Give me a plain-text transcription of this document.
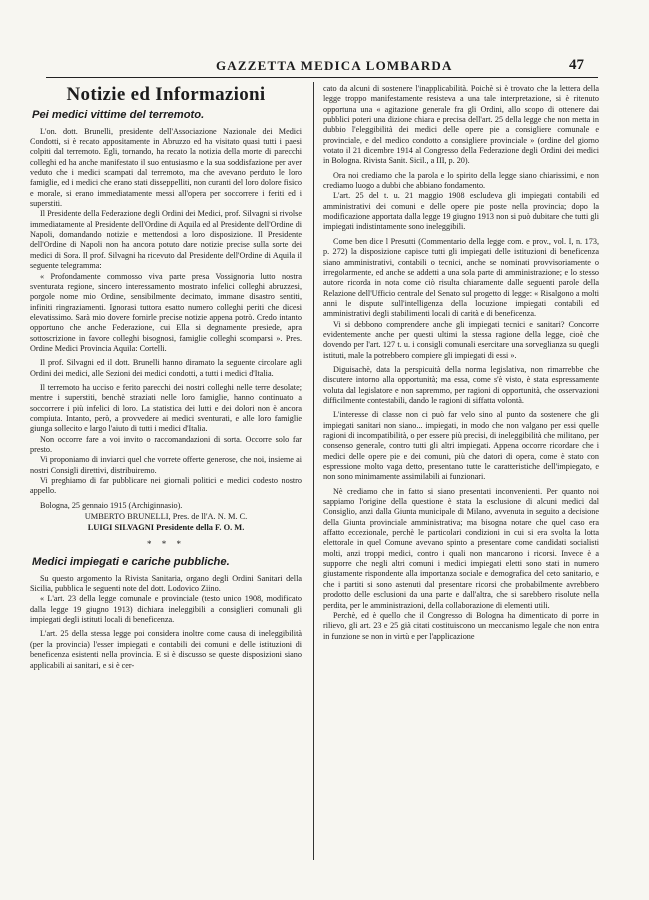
GAZZETTA MEDICA LOMBARDA	47
Notizie ed Informazioni
Pei medici vittime del terremoto.

L'on. dott. Brunelli, presidente dell'Associazione Nazionale dei Medici Condotti, si è recato appositamente in Abruzzo ed ha visitato quasi tutti i paesi colpiti dal terremoto. Egli, tornando, ha recato la notizia della morte di parecchi colleghi ed ha anche manifestato il suo entusiasmo e la sua soddisfazione per aver veduto che i medici scampati dal terremoto, ma che avevano perduto le loro famiglie, ed i medici che erano stati disseppelliti, non curanti del loro dolore fisico e morale, si erano immediatamente messi all'opera per soccorrere i feriti ed i superstiti.

Il Presidente della Federazione degli Ordini dei Medici, prof. Silvagni si rivolse immediatamente al Presidente dell'Ordine di Aquila ed al Presidente dell'Ordine di Napoli, domandando notizie e mettendosi a loro disposizione. Il Presidente dell'Ordine di Napoli non ha ancora potuto dare notizie precise sulla sorte dei medici di Sora. Il prof. Silvagni ha ricevuto dal Presidente dell'Ordine di Aquila il seguente telegramma:

« Profondamente commosso viva parte presa Vossignoria lutto nostra sventurata regione, sincero interessamento mostrato infelici colleghi abruzzesi, porgole nome mio Ordine, sensibilmente decimato, immane disastro sentiti, infiniti ringraziamenti. Ignorasi tuttora esatto numero colleghi periti che dicesi elevatissimo. Sarà mio dovere fornirle precise notizie appena potrò. Credo intanto opportuno che anche Federazione, cui Ella si degnamente presiede, apra sottoscrizione in favore colleghi bisognosi, famiglie colleghi scomparsi ». Pres. Ordine Medici Provincia Aquila: Cortelli.

Il prof. Silvagni ed il dott. Brunelli hanno diramato la seguente circolare agli Ordini dei medici, alle Sezioni dei medici condotti, a tutti i medici d'Italia.

Il terremoto ha ucciso e ferito parecchi dei nostri colleghi nelle terre desolate; mentre i superstiti, benchè straziati nelle loro famiglie, hanno continuato a soccorrere i più infelici di loro. La statistica dei lutti e dei dolori non è ancora compiuta. Intanto, però, a provvedere ai medici sventurati, e alle loro famiglie giunga sollecito e largo l'aiuto di tutti i medici d'Italia.

Non occorre fare a voi invito o raccomandazioni di sorta. Occorre solo far presto.

Vi proponiamo di inviarci quel che vorrete offerte generose, che noi, insieme ai nostri Consigli direttivi, distribuiremo.

Vi preghiamo di far pubblicare nei giornali politici e medici codesto nostro appello.

Bologna, 25 gennaio 1915 (Archiginnasio).

UMBERTO BRUNELLI, Pres. de ll'A. N. M. C.
LUIGI SILVAGNI Presidente della F. O. M.
* * *
Medici impiegati e cariche pubbliche.

Su questo argomento la Rivista Sanitaria, organo degli Ordini Sanitari della Sicilia, pubblica le seguenti note del dott. Lodovico Ziino.

« L'art. 23 della legge comunale e provinciale (testo unico 1908, modificato dalla legge 19 giugno 1913) dichiara ineleggibili a consiglieri comunali gli impiegati degli istituti locali di beneficenza.

L'art. 25 della stessa legge poi considera inoltre come causa di ineleggibilità (per la provincia) l'esser impiegati e contabili dei comuni e delle istituzioni di beneficenza esistenti nella provincia. E si è discusso se queste disposizioni siano applicabili ai sanitari, e si è cer-

cato da alcuni di sostenere l'inapplicabilità. Poichè si è trovato che la lettera della legge troppo manifestamente resisteva a una tale interpretazione, si è ritenuto opportuna una « agitazione generale fra gli Ordini, allo scopo di ottenere dai pubblici poteri una dizione chiara e precisa dell'art. 25 della legge che non metta in dubbio l'eleggibilità dei medici delle opere pie a consigliere comunale e provinciale, e del medico condotto a consigliere provinciale » (ordine del giorno votato il 21 dicembre 1914 al Congresso della Federazione degli Ordini dei medici in Bologna. Rivista Sanit. Sicil., a III, p. 20).

Ora noi crediamo che la parola e lo spirito della legge siano chiarissimi, e non crediamo luogo a dubbi che abbiano fondamento.

L'art. 25 del t. u. 21 maggio 1908 escludeva gli impiegati contabili ed amministrativi dei comuni e delle opere pie poste nella provincia; dopo la modificazione apportata dalla legge 19 giugno 1913 non si può dubitare che tutti gli impiegati indistintamente sono ineleggibili.

Come ben dice l Presutti (Commentario della legge com. e prov., vol. I, n. 173, p. 272) la disposizione capisce tutti gli impiegati delle istituzioni di beneficenza siano amministrativi, contabili o tecnici, anche se nominati provvisoriamente o irregolarmente, ed anche se addetti a una sola parte di amministrazione; e lo stesso autore ricorda in nota come ciò risulta chiaramente dalle seguenti parole della Relazione dell'Ufficio centrale del Senato sul progetto di legge: « Risalgono a molti anni le dispute sull'intelligenza della locuzione impiegati contabili ed amministrativi degli stabilimenti locali di carità e di beneficenza.

Vi si debbono comprendere anche gli impiegati tecnici e sanitari? Concorre evidentemente anche per questi ultimi la stessa ragione della legge, cioè che dovendo per l'art. 127 t. u. i consigli comunali esercitare una sorveglianza su quegli istituti, male la potrebbero compiere gli impiegati di essi ».

Diguisachè, data la perspicuità della norma legislativa, non rimarrebbe che discutere intorno alla opportunità; ma essa, come s'è visto, è stata espressamente voluta dal legislatore e non sapremmo, per ragioni di opportunità, che osservazioni difficilmente contestabili, dando le ragioni di siffatta volontà.

L'interesse di classe non ci può far velo sino al punto da sostenere che gli impiegati sanitari non siano... impiegati, in modo che non valgano per essi quelle ragioni di incompatibilità, o per essere più precisi, di ineleggibilità che militano, per consenso generale, contro tutti gli altri impiegati. Appena occorre ricordare che i medici delle opere pie e dei comuni, più che datori di opera, come è stato con espressione molto vaga detto, presentano tutte le caratteristiche dell'impiegato, e non sono minimamente assimilabili ai funzionari.

Nè crediamo che in fatto si siano presentati inconvenienti. Per quanto noi sappiamo l'origine della questione è stata la esclusione di alcuni medici dal Consiglio, anzi dalla Giunta municipale di Milano, avvenuta in seguito a decisione della Giunta provinciale amministrativa; ma bisogna notare che quel caso era affatto eccezionale, perchè le particolari condizioni in cui si era svolta la lotta elettorale in quel Comune avevano spinto a presentare come candidati socialisti molti, anzi troppi medici, contro i quali non mancarono i ricorsi. Invece è a supporre che negli altri comuni i medici impiegati eletti sono stati in numero giustamente rispondente alla importanza sociale e demografica del ceto sanitario, e che i partiti si sono astenuti dal presentare ricorsi che probabilmente avrebbero prodotto delle esclusioni da una parte e dall'altra, che si sarebbero risolute nella perdita, per le amministrazioni, della collaborazione di elementi utili.

Perchè, ed è quello che il Congresso di Bologna ha dimenticato di porre in rilievo, gli art. 23 e 25 già citati costituiscono un meccanismo legale che non entra in funzione se non in virtù e per l'applicazione
